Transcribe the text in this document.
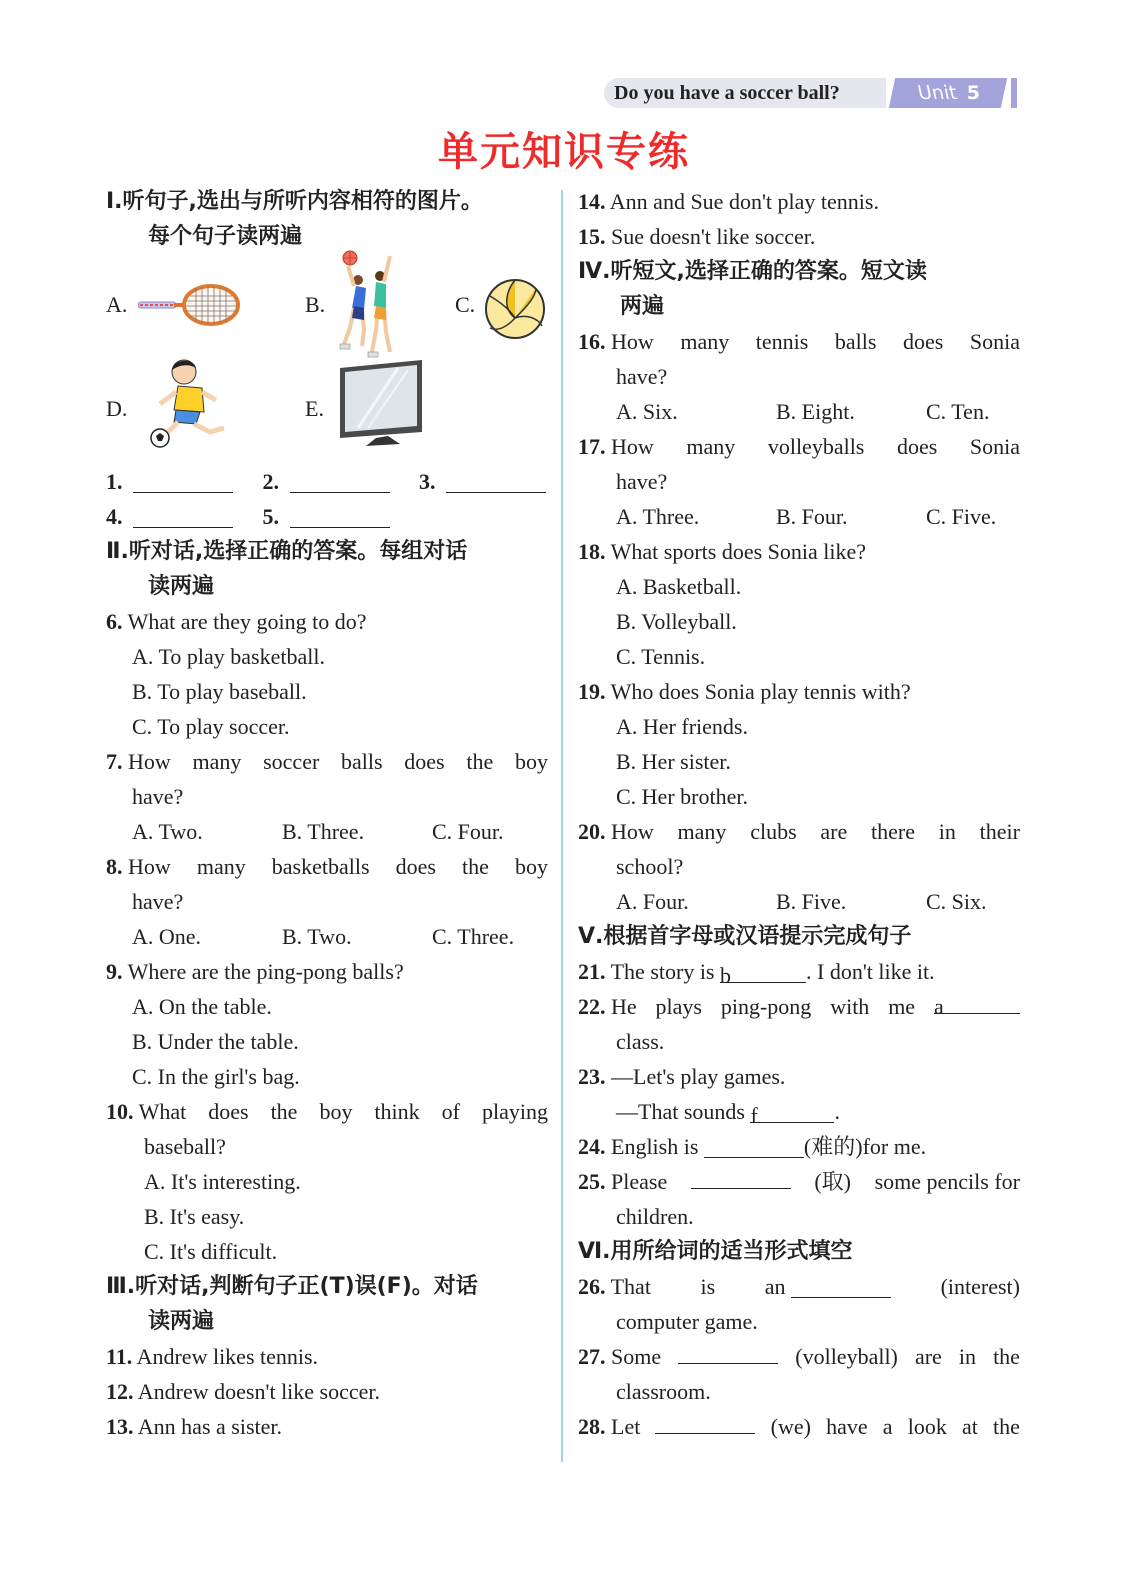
Do you have a soccer ball?	Unit 5
单元知识专练
Ⅰ.听句子,选出与所听内容相符的图片。
每个句子读两遍
A.	B.	C.
D.	E.
1.	2.	3.
4.	5.
Ⅱ.听对话,选择正确的答案。每组对话
读两遍
6. What are they going to do?
A. To play basketball.
B. To play baseball.
C. To play soccer.
7. How many soccer balls does the boy
have?
A. Two.	B. Three.	C. Four.
8. How many basketballs does the boy
have?
A. One.	B. Two.	C. Three.
9. Where are the ping-pong balls?
A. On the table.
B. Under the table.
C. In the girl's bag.
10. What does the boy think of playing
baseball?
A. It's interesting.
B. It's easy.
C. It's difficult.
Ⅲ.听对话,判断句子正(T)误(F)。对话
读两遍
11. Andrew likes tennis.
12. Andrew doesn't like soccer.
13. Ann has a sister.
14. Ann and Sue don't play tennis.
15. Sue doesn't like soccer.
Ⅳ.听短文,选择正确的答案。短文读
两遍
16. How many tennis balls does Sonia
have?
A. Six.	B. Eight.	C. Ten.
17. How many volleyballs does Sonia
have?
A. Three.	B. Four.	C. Five.
18. What sports does Sonia like?
A. Basketball.
B. Volleyball.
C. Tennis.
19. Who does Sonia play tennis with?
A. Her friends.
B. Her sister.
C. Her brother.
20. How many clubs are there in their
school?
A. Four.	B. Five.	C. Six.
Ⅴ.根据首字母或汉语提示完成句子
21. The story is b	. I don't like it.
22. He plays ping-pong with me a
class.
23. —Let's play games.
—That sounds f	.
24. English is	(难的)for me.
25. Please	(取) some pencils for
children.
Ⅵ.用所给词的适当形式填空
26. That is an	(interest)
computer game.
27. Some	(volleyball) are in the
classroom.
28. Let	(we) have a look at the
